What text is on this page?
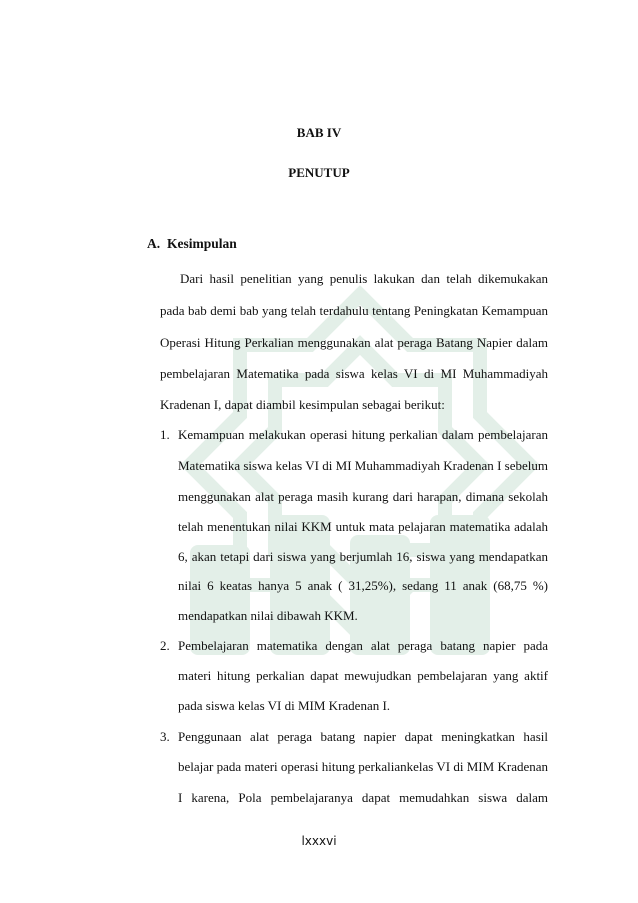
BAB IV
PENUTUP
A. Kesimpulan
Dari hasil penelitian yang penulis lakukan dan telah dikemukakan
pada bab demi bab yang telah terdahulu tentang Peningkatan Kemampuan
Operasi Hitung Perkalian menggunakan alat peraga Batang Napier dalam
pembelajaran Matematika pada siswa kelas VI di MI Muhammadiyah
Kradenan I, dapat diambil kesimpulan sebagai berikut:
1. Kemampuan melakukan operasi hitung perkalian dalam pembelajaran
Matematika siswa kelas VI di MI Muhammadiyah Kradenan I sebelum
menggunakan alat peraga masih kurang dari harapan, dimana sekolah
telah menentukan nilai KKM untuk mata pelajaran matematika adalah
6, akan tetapi dari siswa yang berjumlah 16, siswa yang mendapatkan
nilai 6 keatas hanya 5 anak ( 31,25%), sedang 11 anak (68,75 %)
mendapatkan nilai dibawah KKM.
2. Pembelajaran matematika dengan alat peraga batang napier pada
materi hitung perkalian dapat mewujudkan pembelajaran yang aktif
pada siswa kelas VI di MIM Kradenan I.
3. Penggunaan alat peraga batang napier dapat meningkatkan hasil
belajar pada materi operasi hitung perkaliankelas VI di MIM Kradenan
I karena, Pola pembelajaranya dapat memudahkan siswa dalam
lxxxvi
